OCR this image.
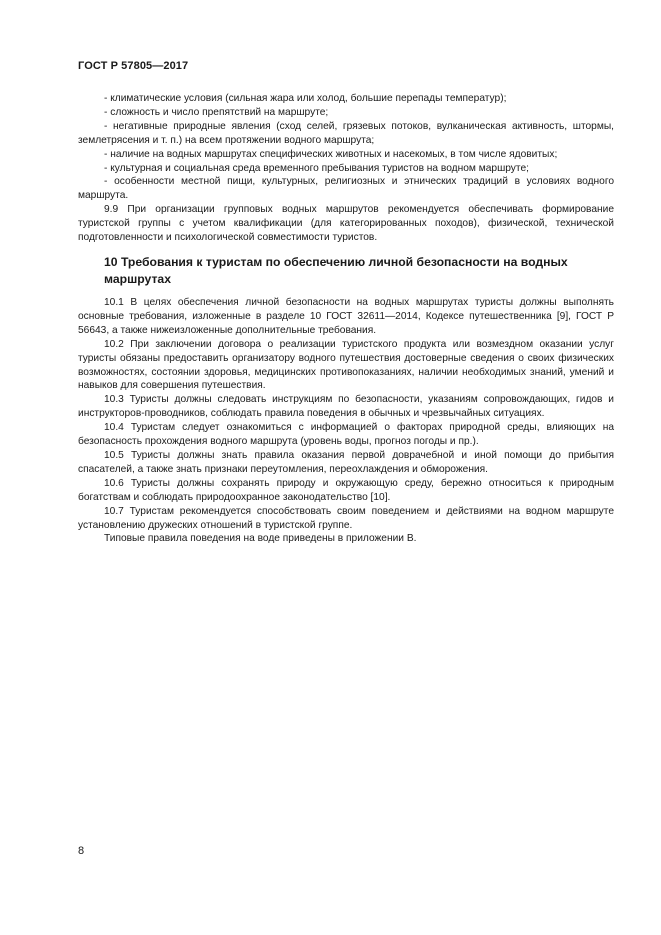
ГОСТ Р 57805—2017

- климатические условия (сильная жара или холод, большие перепады температур);

- сложность и число препятствий на маршруте;

- негативные природные явления (сход селей, грязевых потоков, вулканическая активность, штормы, землетрясения и т. п.) на всем протяжении водного маршрута;

- наличие на водных маршрутах специфических животных и насекомых, в том числе ядовитых;

- культурная и социальная среда временного пребывания туристов на водном маршруте;

- особенности местной пищи, культурных, религиозных и этнических традиций в условиях водного маршрута.

9.9 При организации групповых водных маршрутов рекомендуется обеспечивать формирование туристской группы с учетом квалификации (для категорированных походов), физической, технической подготовленности и психологической совместимости туристов.

10 Требования к туристам по обеспечению личной безопасности на водных маршрутах

10.1 В целях обеспечения личной безопасности на водных маршрутах туристы должны выполнять основные требования, изложенные в разделе 10 ГОСТ 32611—2014, Кодексе путешественника [9], ГОСТ Р 56643, а также нижеизложенные дополнительные требования.

10.2 При заключении договора о реализации туристского продукта или возмездном оказании услуг туристы обязаны предоставить организатору водного путешествия достоверные сведения о своих физических возможностях, состоянии здоровья, медицинских противопоказаниях, наличии необходимых знаний, умений и навыков для совершения путешествия.

10.3 Туристы должны следовать инструкциям по безопасности, указаниям сопровождающих, гидов и инструкторов-проводников, соблюдать правила поведения в обычных и чрезвычайных ситуациях.

10.4 Туристам следует ознакомиться с информацией о факторах природной среды, влияющих на безопасность прохождения водного маршрута (уровень воды, прогноз погоды и пр.).

10.5 Туристы должны знать правила оказания первой доврачебной и иной помощи до прибытия спасателей, а также знать признаки переутомления, переохлаждения и обморожения.

10.6 Туристы должны сохранять природу и окружающую среду, бережно относиться к природным богатствам и соблюдать природоохранное законодательство [10].

10.7 Туристам рекомендуется способствовать своим поведением и действиями на водном маршруте установлению дружеских отношений в туристской группе.

Типовые правила поведения на воде приведены в приложении В.

8
